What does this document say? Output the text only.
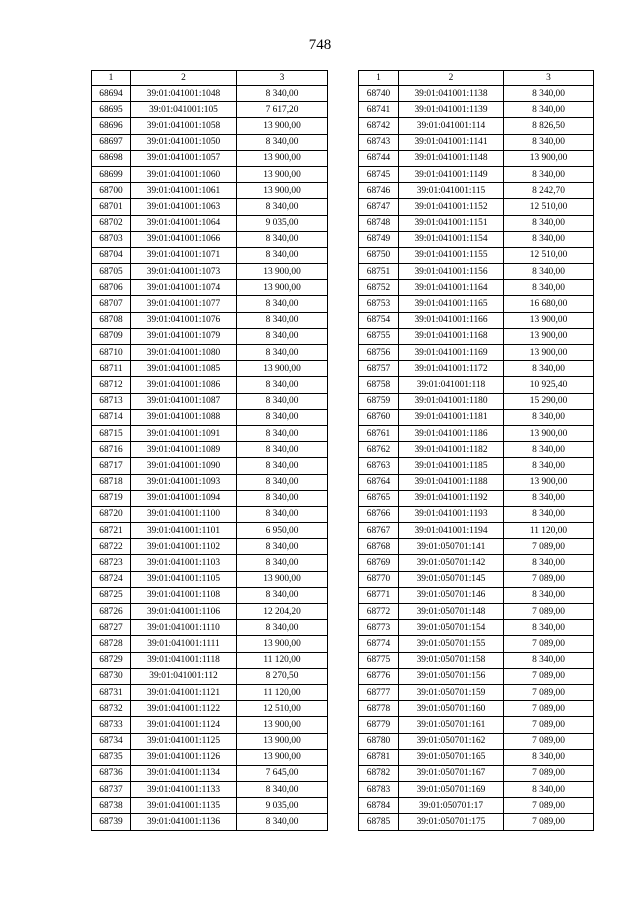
748
1	2	3
68694	39:01:041001:1048	8 340,00
68695	39:01:041001:105	7 617,20
68696	39:01:041001:1058	13 900,00
68697	39:01:041001:1050	8 340,00
68698	39:01:041001:1057	13 900,00
68699	39:01:041001:1060	13 900,00
68700	39:01:041001:1061	13 900,00
68701	39:01:041001:1063	8 340,00
68702	39:01:041001:1064	9 035,00
68703	39:01:041001:1066	8 340,00
68704	39:01:041001:1071	8 340,00
68705	39:01:041001:1073	13 900,00
68706	39:01:041001:1074	13 900,00
68707	39:01:041001:1077	8 340,00
68708	39:01:041001:1076	8 340,00
68709	39:01:041001:1079	8 340,00
68710	39:01:041001:1080	8 340,00
68711	39:01:041001:1085	13 900,00
68712	39:01:041001:1086	8 340,00
68713	39:01:041001:1087	8 340,00
68714	39:01:041001:1088	8 340,00
68715	39:01:041001:1091	8 340,00
68716	39:01:041001:1089	8 340,00
68717	39:01:041001:1090	8 340,00
68718	39:01:041001:1093	8 340,00
68719	39:01:041001:1094	8 340,00
68720	39:01:041001:1100	8 340,00
68721	39:01:041001:1101	6 950,00
68722	39:01:041001:1102	8 340,00
68723	39:01:041001:1103	8 340,00
68724	39:01:041001:1105	13 900,00
68725	39:01:041001:1108	8 340,00
68726	39:01:041001:1106	12 204,20
68727	39:01:041001:1110	8 340,00
68728	39:01:041001:1111	13 900,00
68729	39:01:041001:1118	11 120,00
68730	39:01:041001:112	8 270,50
68731	39:01:041001:1121	11 120,00
68732	39:01:041001:1122	12 510,00
68733	39:01:041001:1124	13 900,00
68734	39:01:041001:1125	13 900,00
68735	39:01:041001:1126	13 900,00
68736	39:01:041001:1134	7 645,00
68737	39:01:041001:1133	8 340,00
68738	39:01:041001:1135	9 035,00
68739	39:01:041001:1136	8 340,00
1	2	3
68740	39:01:041001:1138	8 340,00
68741	39:01:041001:1139	8 340,00
68742	39:01:041001:114	8 826,50
68743	39:01:041001:1141	8 340,00
68744	39:01:041001:1148	13 900,00
68745	39:01:041001:1149	8 340,00
68746	39:01:041001:115	8 242,70
68747	39:01:041001:1152	12 510,00
68748	39:01:041001:1151	8 340,00
68749	39:01:041001:1154	8 340,00
68750	39:01:041001:1155	12 510,00
68751	39:01:041001:1156	8 340,00
68752	39:01:041001:1164	8 340,00
68753	39:01:041001:1165	16 680,00
68754	39:01:041001:1166	13 900,00
68755	39:01:041001:1168	13 900,00
68756	39:01:041001:1169	13 900,00
68757	39:01:041001:1172	8 340,00
68758	39:01:041001:118	10 925,40
68759	39:01:041001:1180	15 290,00
68760	39:01:041001:1181	8 340,00
68761	39:01:041001:1186	13 900,00
68762	39:01:041001:1182	8 340,00
68763	39:01:041001:1185	8 340,00
68764	39:01:041001:1188	13 900,00
68765	39:01:041001:1192	8 340,00
68766	39:01:041001:1193	8 340,00
68767	39:01:041001:1194	11 120,00
68768	39:01:050701:141	7 089,00
68769	39:01:050701:142	8 340,00
68770	39:01:050701:145	7 089,00
68771	39:01:050701:146	8 340,00
68772	39:01:050701:148	7 089,00
68773	39:01:050701:154	8 340,00
68774	39:01:050701:155	7 089,00
68775	39:01:050701:158	8 340,00
68776	39:01:050701:156	7 089,00
68777	39:01:050701:159	7 089,00
68778	39:01:050701:160	7 089,00
68779	39:01:050701:161	7 089,00
68780	39:01:050701:162	7 089,00
68781	39:01:050701:165	8 340,00
68782	39:01:050701:167	7 089,00
68783	39:01:050701:169	8 340,00
68784	39:01:050701:17	7 089,00
68785	39:01:050701:175	7 089,00
